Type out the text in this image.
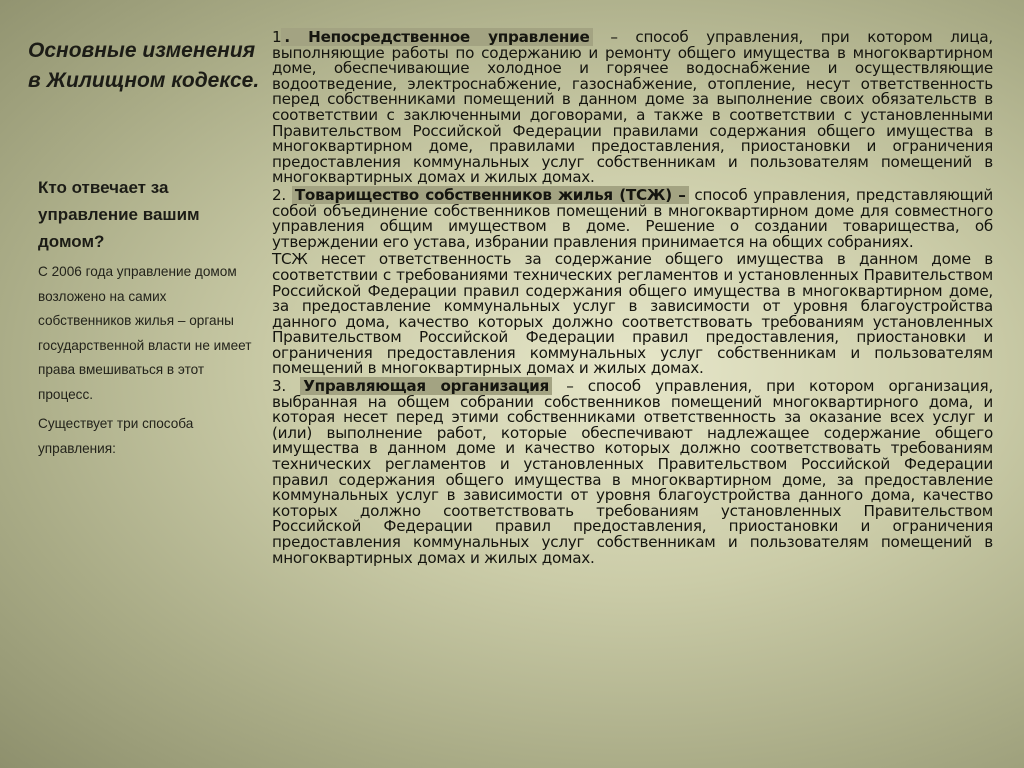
Основные изменения в Жилищном кодексе.
Кто отвечает за управление вашим домом?

С 2006 года управление домом возложено на самих собственников жилья – органы государственной власти не имеет права вмешиваться в этот процесс.

Существует три способа управления:

1 . Непосредственное управление – способ управления, при котором лица, выполняющие работы по содержанию и ремонту общего имущества в многоквартирном доме, обеспечивающие холодное и горячее водоснабжение и осуществляющие водоотведение, электроснабжение, газоснабжение, отопление, несут ответственность перед собственниками помещений в данном доме за выполнение своих обязательств в соответствии с заключенными договорами, а также в соответствии с установленными Правительством Российской Федерации правилами содержания общего имущества в многоквартирном доме, правилами предоставления, приостановки и ограничения предоставления коммунальных услуг собственникам и пользователям помещений в многоквартирных домах и жилых домах.

2. Товарищество собственников жилья (ТСЖ) – способ управления, представляющий собой объединение собственников помещений в многоквартирном доме для совместного управления общим имуществом в доме. Решение о создании товарищества, об утверждении его устава, избрании правления принимается на общих собраниях.

ТСЖ несет ответственность за содержание общего имущества в данном доме в соответствии с требованиями технических регламентов и установленных Правительством Российской Федерации правил содержания общего имущества в многоквартирном доме, за предоставление коммунальных услуг в зависимости от уровня благоустройства данного дома, качество которых должно соответствовать требованиям установленных Правительством Российской Федерации правил предоставления, приостановки и ограничения предоставления коммунальных услуг собственникам и пользователям помещений в многоквартирных домах и жилых домах.

3. Управляющая организация – способ управления, при котором организация, выбранная на общем собрании собственников помещений многоквартирного дома, и которая несет перед этими собственниками ответственность за оказание всех услуг и (или) выполнение работ, которые обеспечивают надлежащее содержание общего имущества в данном доме и качество которых должно соответствовать требованиям технических регламентов и установленных Правительством Российской Федерации правил содержания общего имущества в многоквартирном доме, за предоставление коммунальных услуг в зависимости от уровня благоустройства данного дома, качество которых должно соответствовать требованиям установленных Правительством Российской Федерации правил предоставления, приостановки и ограничения предоставления коммунальных услуг собственникам и пользователям помещений в многоквартирных домах и жилых домах.
